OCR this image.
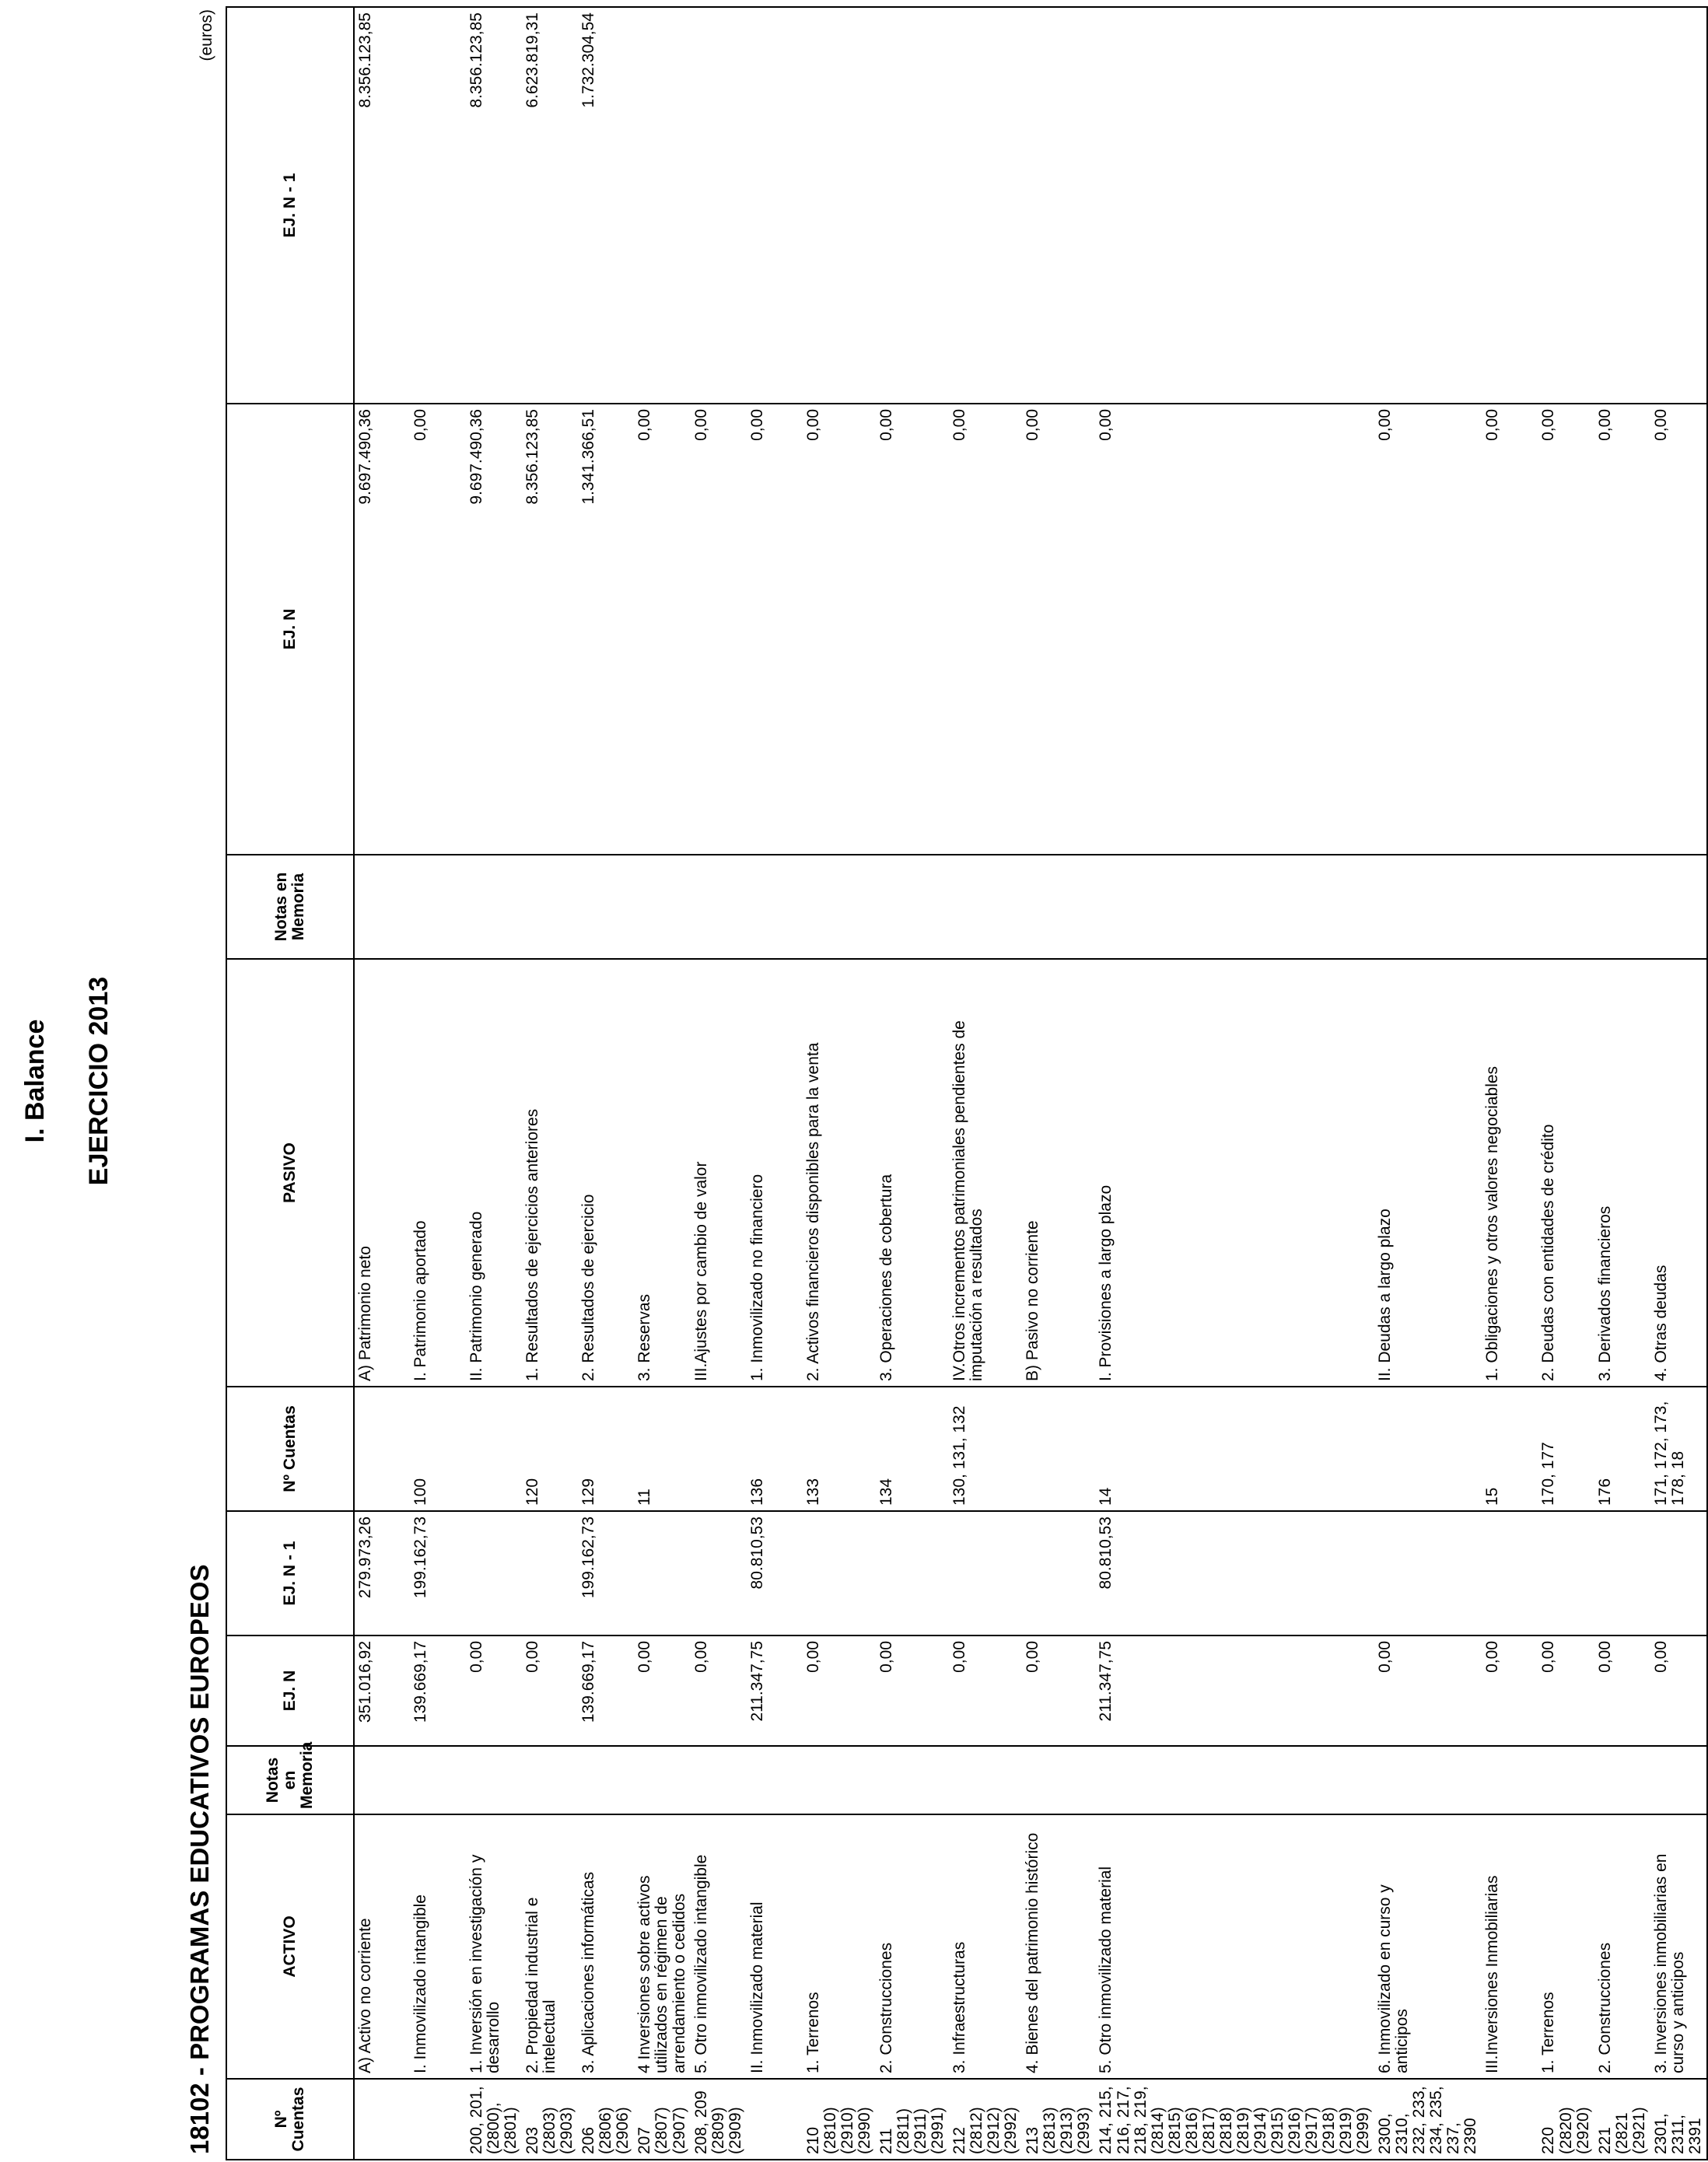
I. Balance EJERCICIO 2013
18102 - PROGRAMAS EDUCATIVOS EUROPEOS
(euros)
Nº Cuentas	ACTIVO	Notas en Memoria	EJ. N	EJ. N - 1	Nº Cuentas	PASIVO	Notas en Memoria	EJ. N	EJ. N - 1
	A) Activo no corriente		351.016,92	279.973,26		A) Patrimonio neto		9.697.490,36	8.356.123,85
	I. Inmovilizado intangible		139.669,17	199.162,73	100	I. Patrimonio aportado		0,00	
200, 201, (2800), (2801)	1. Inversión en investigación y desarrollo		0,00			II. Patrimonio generado		9.697.490,36	8.356.123,85
203 (2803) (2903)	2. Propiedad industrial e intelectual		0,00		120	1. Resultados de ejercicios anteriores		8.356.123,85	6.623.819,31
206 (2806) (2906)	3. Aplicaciones informáticas		139.669,17	199.162,73	129	2. Resultados de ejercicio		1.341.366,51	1.732.304,54
207 (2807) (2907)	4 Inversiones sobre activos utilizados en régimen de arrendamiento o cedidos		0,00		11	3. Reservas		0,00	
208, 209 (2809) (2909)	5. Otro inmovilizado intangible		0,00			III.Ajustes por cambio de valor		0,00	
	II. Inmovilizado material		211.347,75	80.810,53	136	1. Inmovilizado no financiero		0,00	
210 (2810) (2910) (2990)	1. Terrenos		0,00		133	2. Activos financieros disponibles para la venta		0,00	
211 (2811) (2911) (2991)	2. Construcciones		0,00		134	3. Operaciones de cobertura		0,00	
212 (2812) (2912) (2992)	3. Infraestructuras		0,00		130, 131, 132	IV.Otros incrementos patrimoniales pendientes de imputación a resultados		0,00	
213 (2813) (2913) (2993)	4. Bienes del patrimonio histórico		0,00			B) Pasivo no corriente		0,00	
214, 215, 216, 217, 218, 219, (2814) (2815) (2816) (2817) (2818) (2819) (2914) (2915) (2916) (2917) (2918) (2919) (2999)	5. Otro inmovilizado material		211.347,75	80.810,53	14	I. Provisiones a largo plazo		0,00	
2300, 2310, 232, 233, 234, 235, 237, 2390	6. Inmovilizado en curso y anticipos		0,00			II. Deudas a largo plazo		0,00	
	III.Inversiones Inmobiliarias		0,00		15	1. Obligaciones y otros valores negociables		0,00	
220 (2820) (2920)	1. Terrenos		0,00		170, 177	2. Deudas con entidades de crédito		0,00	
221 (2821 (2921)	2. Construcciones		0,00		176	3. Derivados financieros		0,00	
2301, 2311, 2391	3. Inversiones inmobiliarias en curso y anticipos		0,00		171, 172, 173, 178, 18	4. Otras deudas		0,00	
